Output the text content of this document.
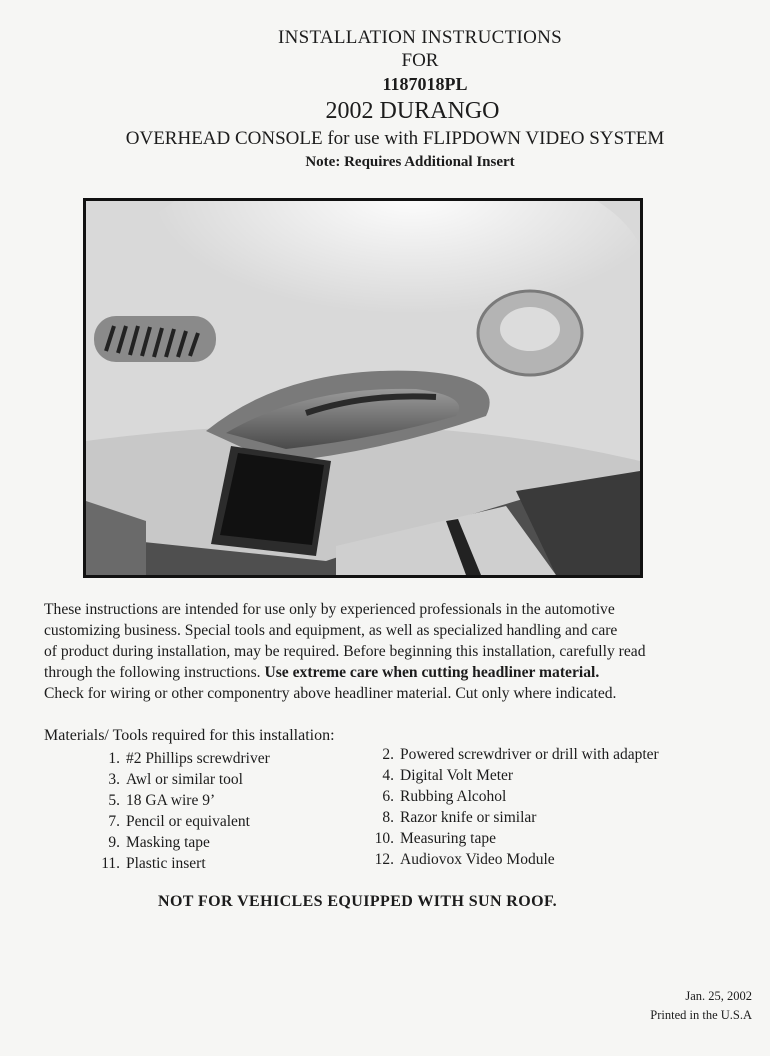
INSTALLATION INSTRUCTIONS
FOR
1187018PL
2002 DURANGO
OVERHEAD CONSOLE for use with FLIPDOWN VIDEO SYSTEM
Note: Requires Additional Insert

These instructions are intended for use only by experienced professionals in the automotive

customizing business. Special tools and equipment, as well as specialized handling and care

of product during installation, may be required. Before beginning this installation, carefully read

through the following instructions. Use extreme care when cutting headliner material.

Check for wiring or other componentry above headliner material. Cut only where indicated.

Materials/ Tools required for this installation:
1. #2 Phillips screwdriver
3. Awl or similar tool
5. 18 GA wire 9’
7. Pencil or equivalent
9. Masking tape
11. Plastic insert
2. Powered screwdriver or drill with adapter
4. Digital Volt Meter
6. Rubbing Alcohol
8. Razor knife or similar
10. Measuring tape
12. Audiovox Video Module
NOT FOR VEHICLES EQUIPPED WITH SUN ROOF.
Jan. 25, 2002
Printed in the U.S.A
